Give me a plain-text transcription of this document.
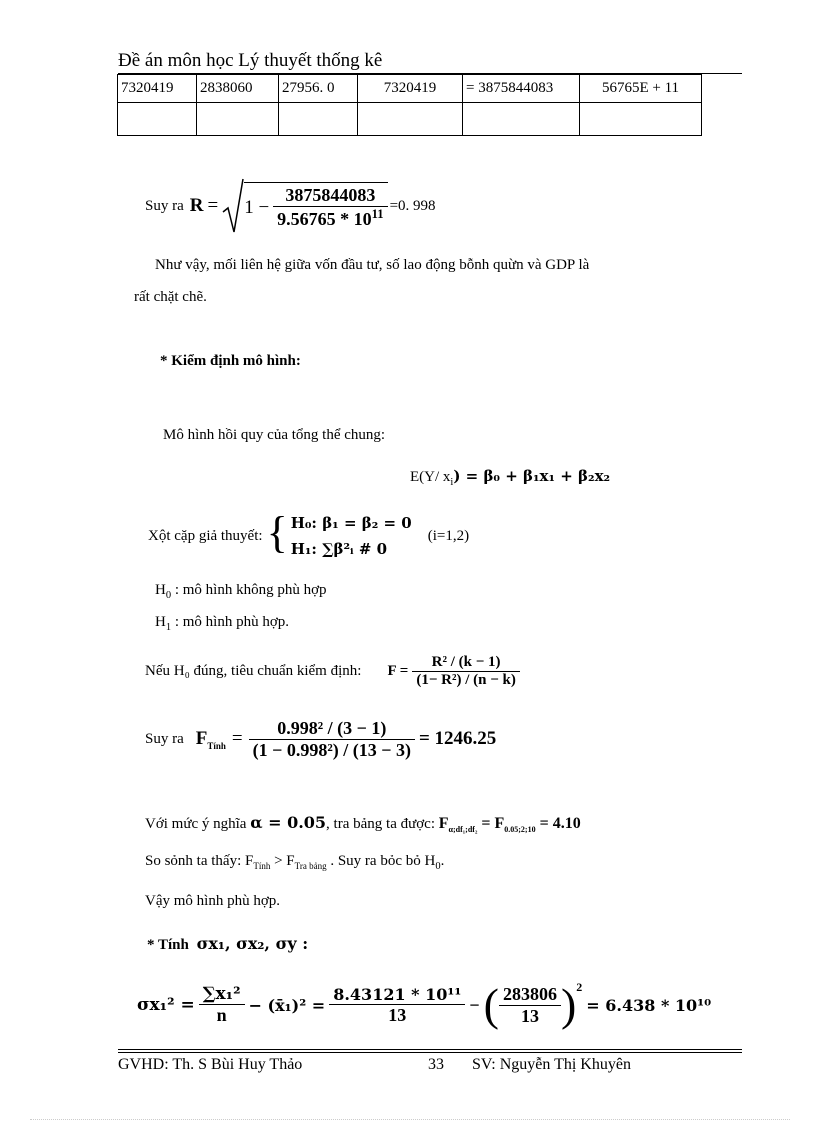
Đề án môn học Lý thuyết thống kê
7320419	2838060	27956. 0	7320419	= 3875844083	56765E + 11

Suy ra $R = 1 - \frac{3875844083}{9.56765 * 10^{11}} =0$. 998
Như vậy, mối liên hệ giữa vốn đầu tư, số lao động bỗnh quừn và GDP là
rất chặt chẽ.
* Kiểm định mô hình:
Mô hình hồi quy của tổng thể chung:
E(Y/ $x_i) = \beta_0 + \beta_1x_1 + \beta_2x_2$
Xột cặp giả thuyết: { H₀: β₁ = β₂ = 0
H₁: ∑β²ᵢ # 0
(i=1,2)
$H_0$ : mô hình không phù hợp
$H_1$ : mô hình phù hợp.
Nếu H₀ đúng, tiêu chuẩn kiểm định: $F = \frac{\text{R² / (k − 1)}}{\text{(1− R²) / (n − k)}}$
Suy ra $F_{Tính} = \frac{\text{0.998² / (3 − 1)}}{\text{(1 − 0.998²) / (13 − 3)}} = 1246.25$
Với mức ý nghĩa α = 0.05, tra bảng ta được: $F_{\alpha;df_1;df_2} = F_{0.05;2;10} = 4.10$
So sỏnh ta thấy: $F_{Tính} > F_{Tra bảng}$ . Suy ra bỏc bỏ $H_0$.
Vậy mô hình phù hợp.
* Tính σx₁, σx₂, σy :
$\sigma x_1^2 = \frac{\text{∑x₁²}}{n}$ − (x̄₁)² = $\frac{\text{8.43121 * 10¹¹}}{13}$ − ( $\frac{283806}{13} )^2$
= 6.438 * 10¹⁰
GVHD: Th. S Bùi Huy Thảo	33 SV: Nguyễn Thị Khuyên
